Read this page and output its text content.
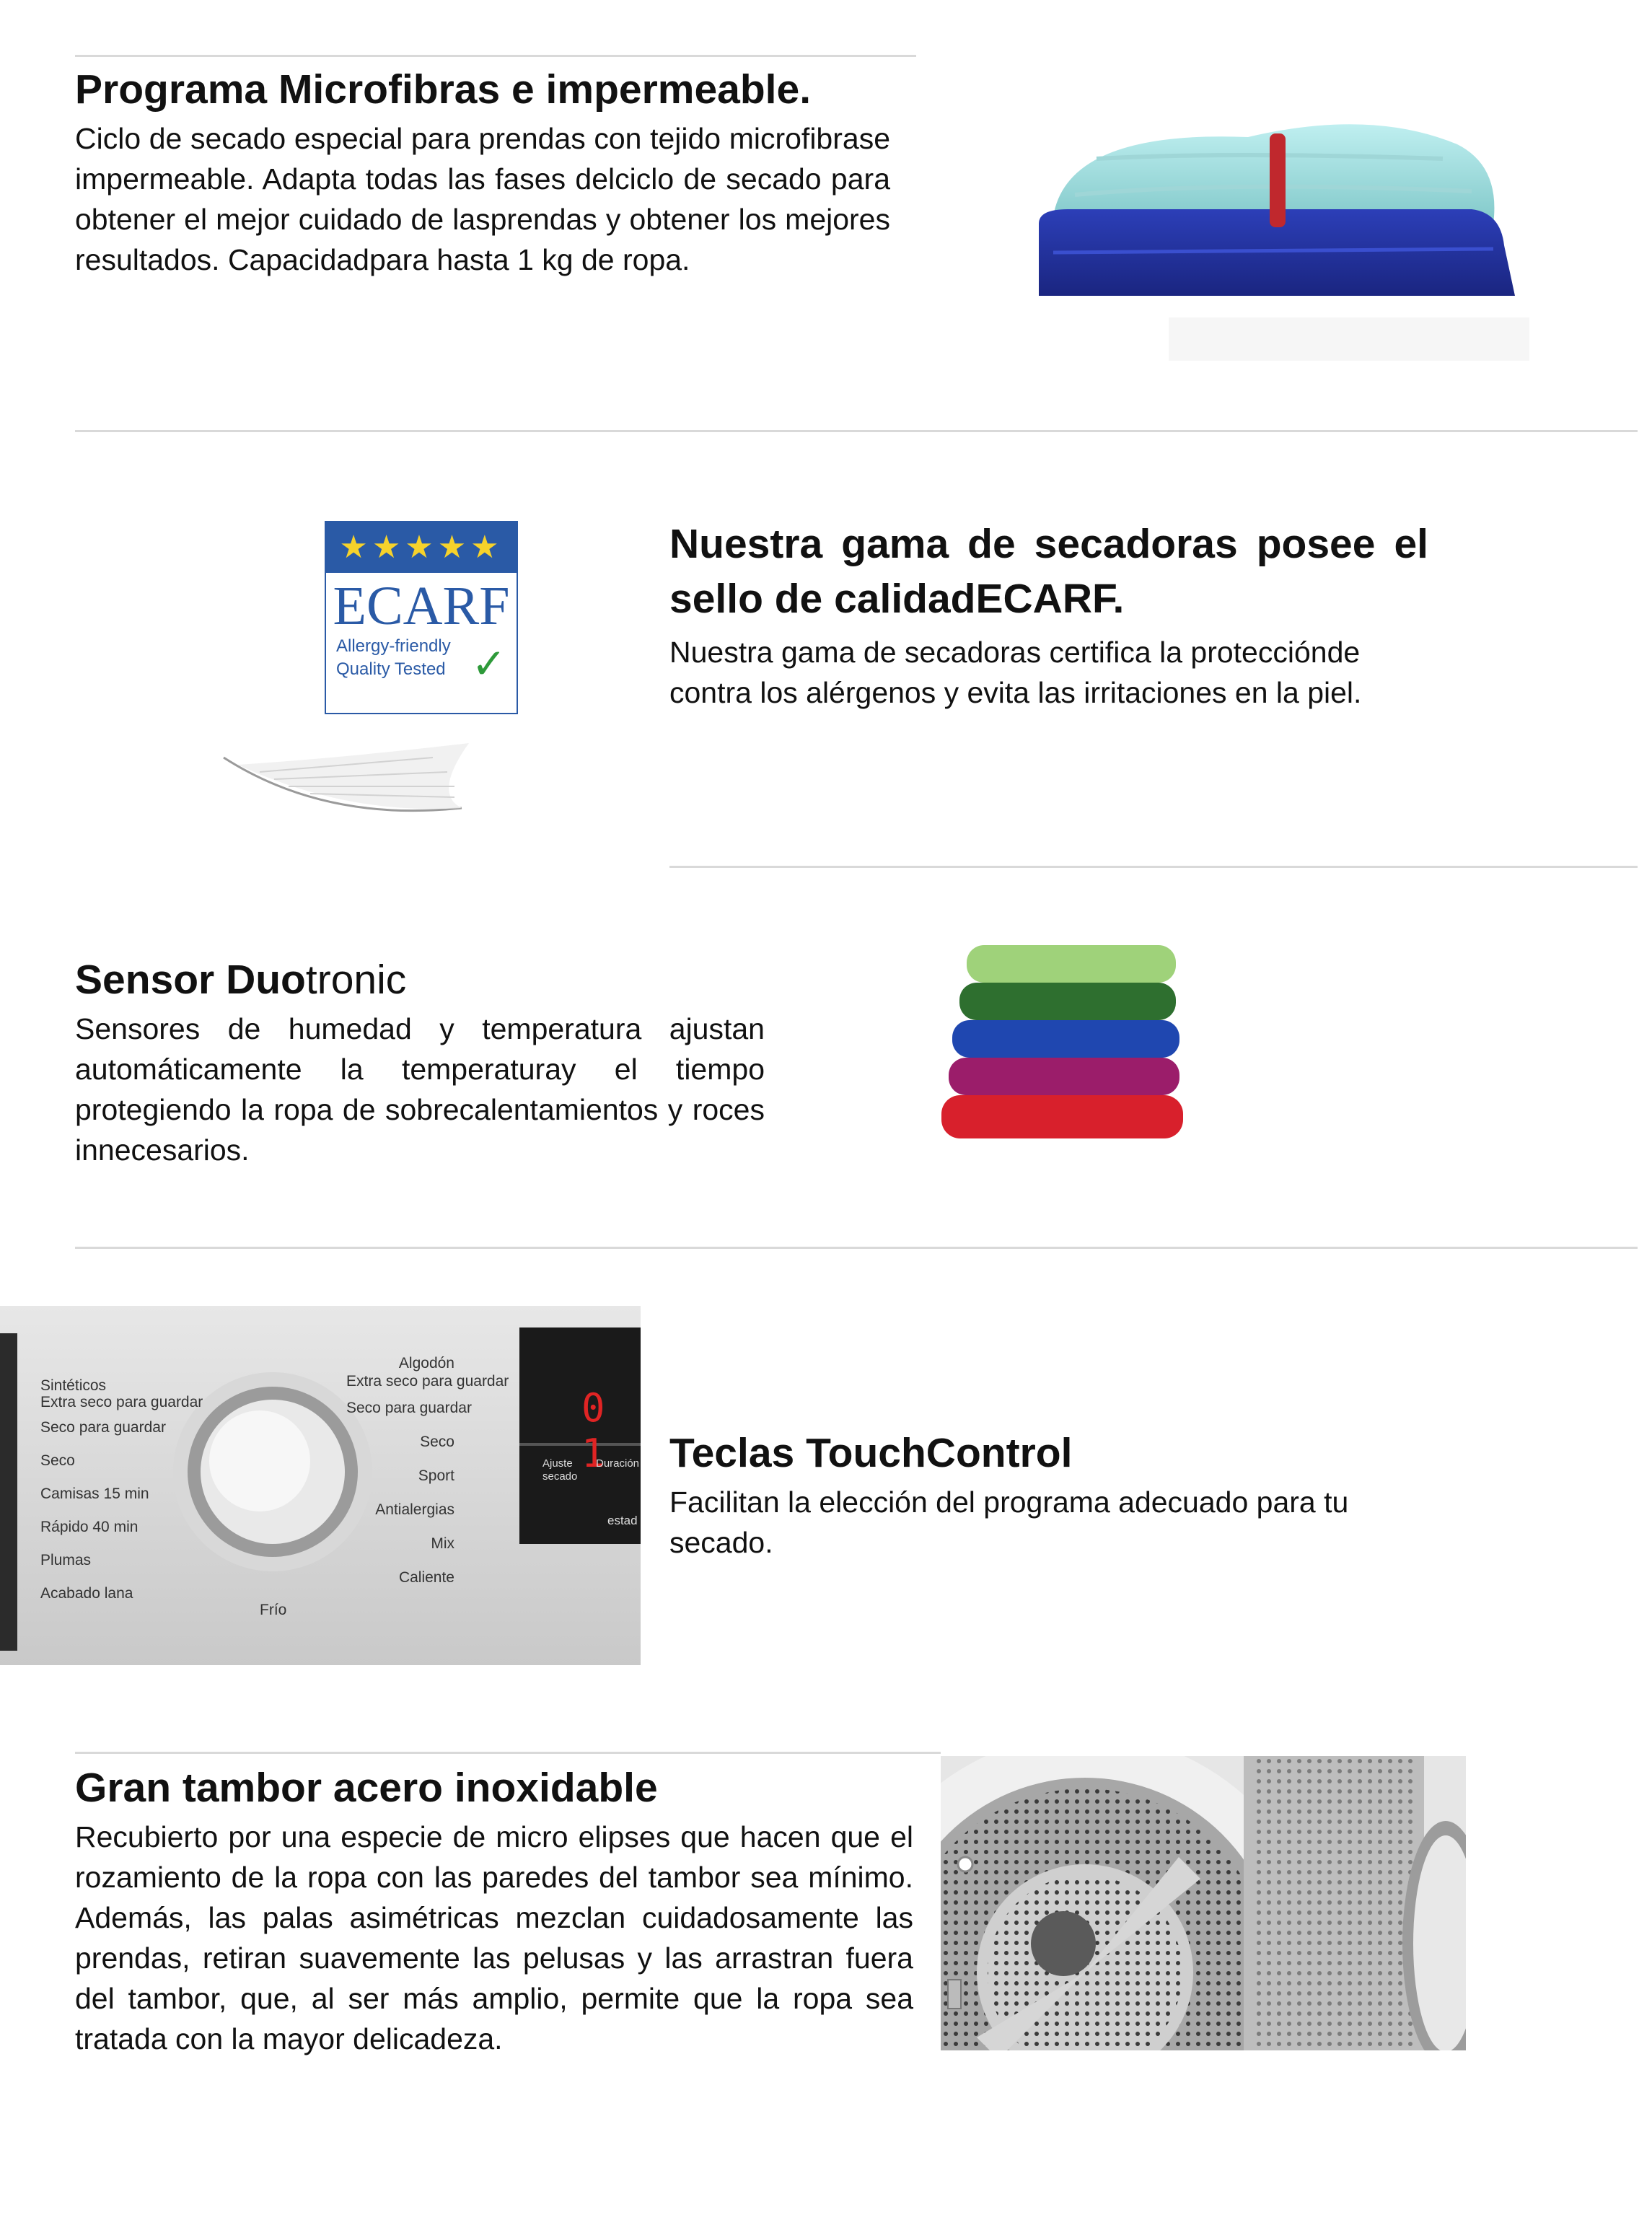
Programa Microfibras e impermeable.

Ciclo de secado especial para prendas con tejido microfibrase impermeable. Adapta todas las fases delciclo de secado para obtener el mejor cuidado de lasprendas y obtener los mejores resultados. Capacidadpara hasta 1 kg de ropa.

★★★★★
ECARF
Allergy-friendly
Quality Tested ✓
Nuestra gama de secadoras posee el sello de calidadECARF.

Nuestra gama de secadoras certifica la protecciónde contra los alérgenos y evita las irritaciones en la piel.

Sensor Duotronic

Sensores de humedad y temperatura ajustan automáticamente la temperaturay el tiempo protegiendo la ropa de sobrecalentamientos y roces innecesarios.

Sintéticos
Extra seco para guardar
Seco para guardar
Seco
Camisas 15 min
Rápido 40 min
Plumas
Acabado lana
Algodón
Extra seco para guardar
Seco para guardar
Seco
Sport
Antialergias
Mix
Caliente
Frío
0 1
Ajuste secado
Duración
estad
Teclas TouchControl

Facilitan la elección del programa adecuado para tu secado.

Gran tambor acero inoxidable

Recubierto por una especie de micro elipses que hacen que el rozamiento de la ropa con las paredes del tambor sea mínimo. Además, las palas asimétricas mezclan cuidadosamente las prendas, retiran suavemente las pelusas y las arrastran fuera del tambor, que, al ser más amplio, permite que la ropa sea tratada con la mayor delicadeza.
